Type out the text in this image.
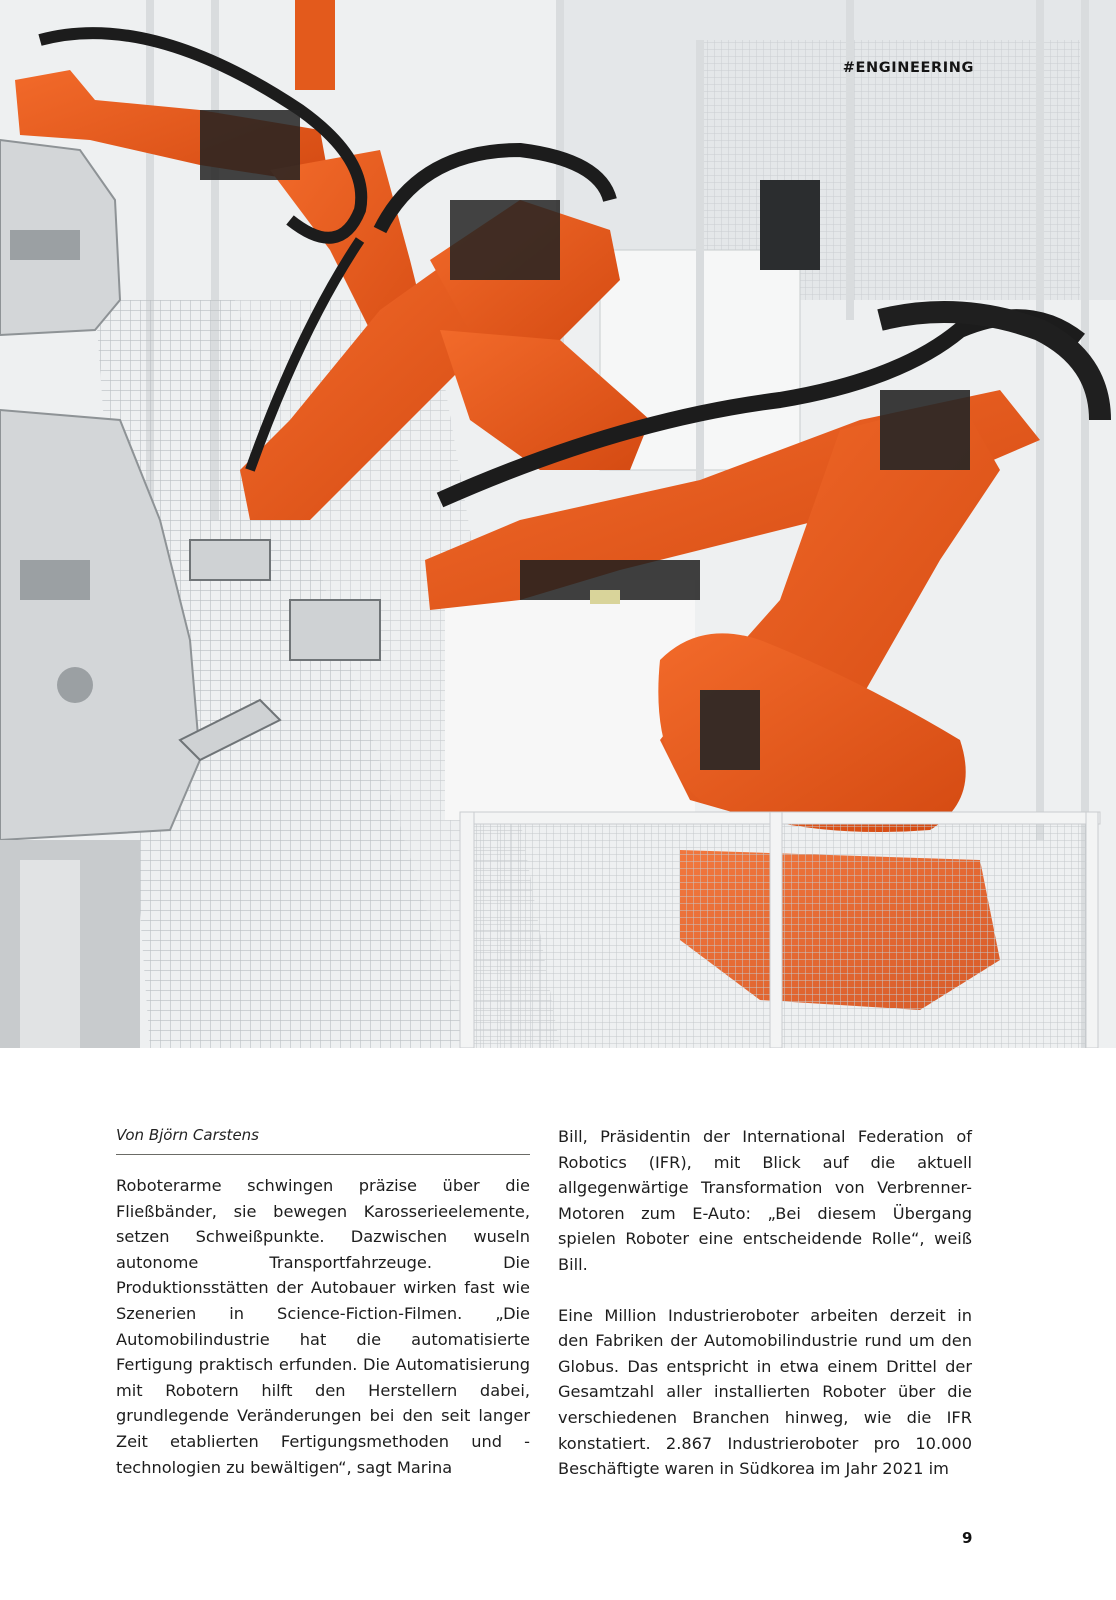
#ENGINEERING
Von Björn Carstens

Roboterarme schwingen präzise über die Fließbänder, sie bewegen Karosserieelemente, setzen Schweißpunkte. Dazwischen wuseln autonome Transportfahrzeuge. Die Produktionsstätten der Autobauer wirken fast wie Szenerien in Science-Fiction-Filmen. „Die Automobilindustrie hat die automatisierte Fertigung praktisch erfunden. Die Automatisierung mit Robotern hilft den Herstellern dabei, grundlegende Veränderungen bei den seit langer Zeit etablierten Fertigungsmethoden und -technologien zu bewältigen“, sagt Marina

Bill, Präsidentin der International Federation of Robotics (IFR), mit Blick auf die aktuell allgegenwärtige Transformation von Verbrenner-Motoren zum E-Auto: „Bei diesem Übergang spielen Roboter eine entscheidende Rolle“, weiß Bill.

Eine Million Industrieroboter arbeiten derzeit in den Fabriken der Automobilindustrie rund um den Globus. Das entspricht in etwa einem Drittel der Gesamtzahl aller installierten Roboter über die verschiedenen Branchen hinweg, wie die IFR konstatiert. 2.867 Industrieroboter pro 10.000 Beschäftigte waren in Südkorea im Jahr 2021 im

9
